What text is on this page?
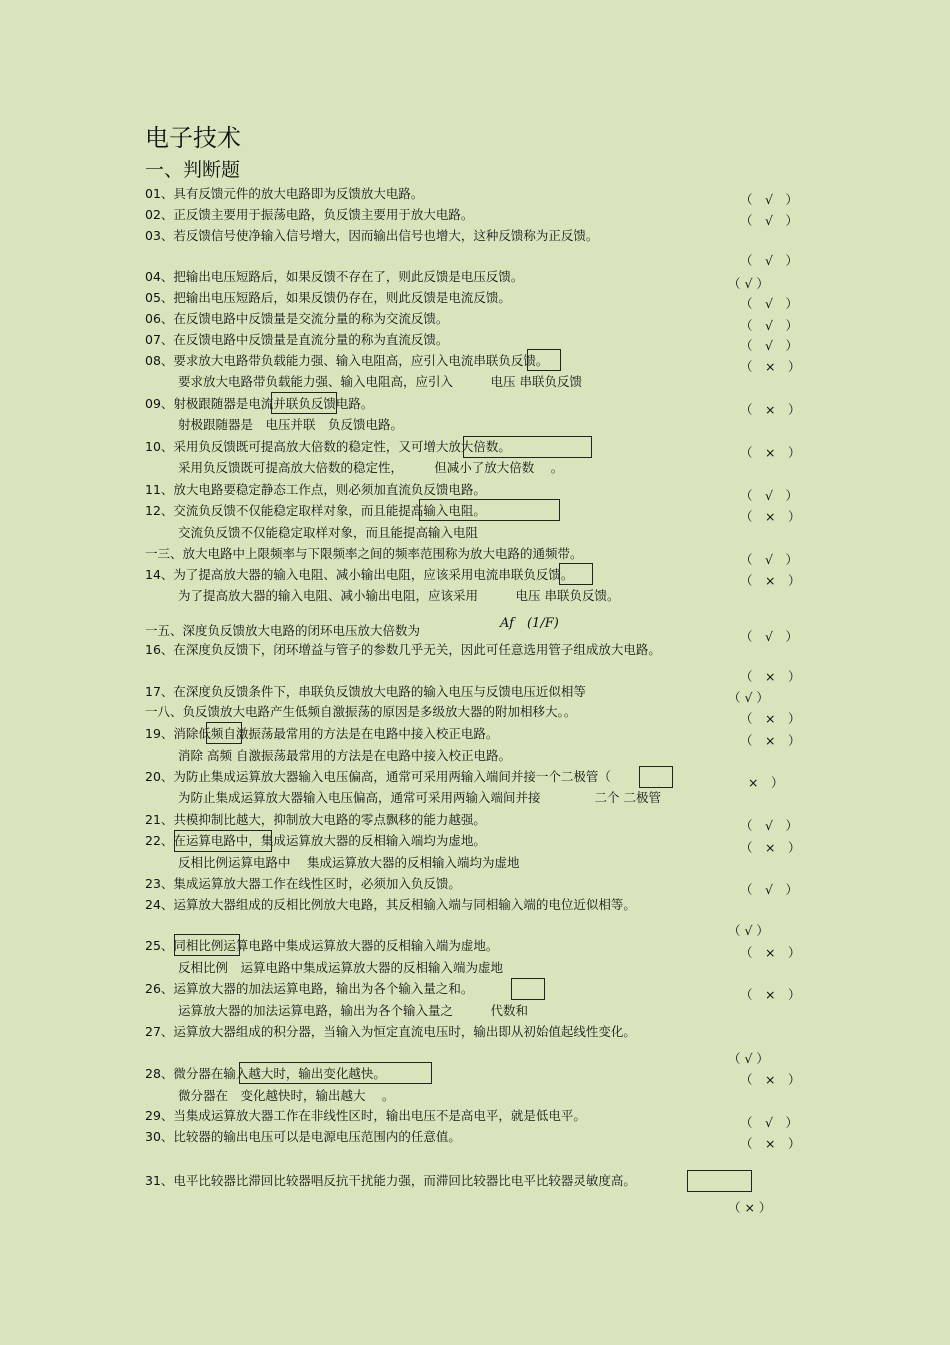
电子技术
一、判断题
01、具有反馈元件的放大电路即为反馈放大电路。	（　√　）
02、正反馈主要用于振荡电路，负反馈主要用于放大电路。	（　√　）
03、若反馈信号使净输入信号增大，因而输出信号也增大，这种反馈称为正反馈。
（　√　）
04、把输出电压短路后，如果反馈不存在了，则此反馈是电压反馈。	（ √ ）
05、把输出电压短路后，如果反馈仍存在，则此反馈是电流反馈。	（　√　）
06、在反馈电路中反馈量是交流分量的称为交流反馈。	（　√　）
07、在反馈电路中反馈量是直流分量的称为直流反馈。	（　√　）
08、要求放大电路带负载能力强、输入电阻高，应引入电流串联负反馈。	（　×　）
要求放大电路带负载能力强、输入电阻高，应引入　　　电压 串联负反馈
09、射极跟随器是电流并联负反馈电路。	（　×　）
射极跟随器是　电压并联　负反馈电路。
10、采用负反馈既可提高放大倍数的稳定性，又可增大放大倍数。	（　×　）
采用负反馈既可提高放大倍数的稳定性，　　　但减小了放大倍数　 。
11、放大电路要稳定静态工作点，则必须加直流负反馈电路。	（　√　）
12、交流负反馈不仅能稳定取样对象，而且能提高输入电阻。	（　×　）
交流负反馈不仅能稳定取样对象，而且能提高输入电阻
一三、放大电路中上限频率与下限频率之间的频率范围称为放大电路的通频带。	（　√　）
14、为了提高放大器的输入电阻、减小输出电阻，应该采用电流串联负反馈。	（　×　）
为了提高放大器的输入电阻、减小输出电阻，应该采用　　　电压 串联负反馈。
一五、深度负反馈放大电路的闭环电压放大倍数为	（　√　）
16、在深度负反馈下，闭环增益与管子的参数几乎无关，因此可任意选用管子组成放大电路。
（　×　）
17、在深度负反馈条件下，串联负反馈放大电路的输入电压与反馈电压近似相等	（ √ ）
一八、负反馈放大电路产生低频自激振荡的原因是多级放大器的附加相移大。。	（　×　）
19、消除低频自激振荡最常用的方法是在电路中接入校正电路。	（　×　）
消除 高频 自激振荡最常用的方法是在电路中接入校正电路。
20、为防止集成运算放大器输入电压偏高，通常可采用两输入端间并接一个二极管（	×　）
为防止集成运算放大器输入电压偏高，通常可采用两输入端间并接　　　　 二个 二极管
21、共模抑制比越大，抑制放大电路的零点飘移的能力越强。	（　√　）
22、在运算电路中，集成运算放大器的反相输入端均为虚地。	（　×　）
反相比例运算电路中　 集成运算放大器的反相输入端均为虚地
23、集成运算放大器工作在线性区时，必须加入负反馈。	（　√　）
24、运算放大器组成的反相比例放大电路，其反相输入端与同相输入端的电位近似相等。
（ √ ）
25、同相比例运算电路中集成运算放大器的反相输入端为虚地。	（　×　）
反相比例　运算电路中集成运算放大器的反相输入端为虚地
26、运算放大器的加法运算电路，输出为各个输入量之和。	（　×　）
运算放大器的加法运算电路，输出为各个输入量之　　　代数和
27、运算放大器组成的积分器，当输入为恒定直流电压时，输出即从初始值起线性变化。
（ √ ）
28、微分器在输入越大时，输出变化越快。	（　×　）
微分器在　变化越快时，输出越大　 。
29、当集成运算放大器工作在非线性区时，输出电压不是高电平，就是低电平。	（　√　）
30、比较器的输出电压可以是电源电压范围内的任意值。	（　×　）
31、电平比较器比滞回比较器唱反抗干扰能力强，而滞回比较器比电平比较器灵敏度高。
（ × ）
Af　(1/F)
